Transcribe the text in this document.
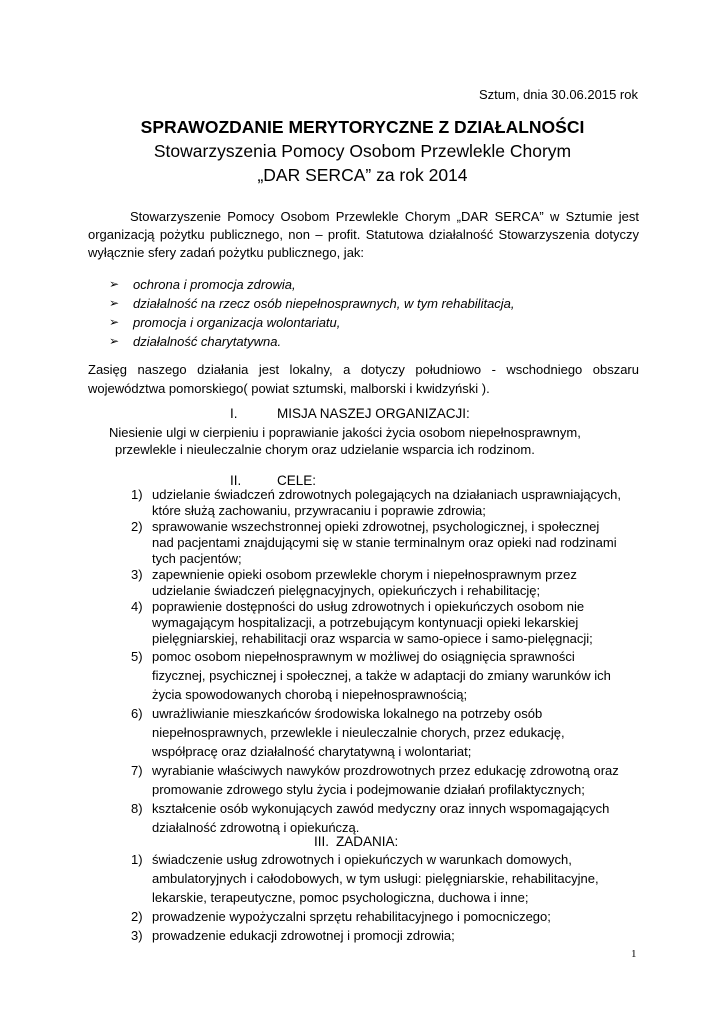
Sztum, dnia 30.06.2015 rok
SPRAWOZDANIE MERYTORYCZNE Z DZIAŁALNOŚCI
Stowarzyszenia Pomocy Osobom Przewlekle Chorym
„DAR SERCA” za rok 2014

Stowarzyszenie Pomocy Osobom Przewlekle Chorym „DAR SERCA” w Sztumie jest organizacją pożytku publicznego, non – profit. Statutowa działalność Stowarzyszenia dotyczy wyłącznie sfery zadań pożytku publicznego, jak:

➢ ochrona i promocja zdrowia,
➢ działalność na rzecz osób niepełnosprawnych, w tym rehabilitacja,
➢ promocja i organizacja wolontariatu,
➢ działalność charytatywna.
Zasięg naszego działania jest lokalny, a dotyczy południowo - wschodniego obszaru województwa pomorskiego( powiat sztumski, malborski i kwidzyński ).
I.	MISJA NASZEJ ORGANIZACJI:
Niesienie ulgi w cierpieniu i poprawianie jakości życia osobom niepełnosprawnym,
przewlekle i nieuleczalnie chorym oraz udzielanie wsparcia ich rodzinom.
II.	CELE:
1) udzielanie świadczeń zdrowotnych polegających na działaniach usprawniających,
które służą zachowaniu, przywracaniu i poprawie zdrowia;
2) sprawowanie wszechstronnej opieki zdrowotnej, psychologicznej, i społecznej
nad pacjentami znajdującymi się w stanie terminalnym oraz opieki nad rodzinami
tych pacjentów;
3) zapewnienie opieki osobom przewlekle chorym i niepełnosprawnym przez
udzielanie świadczeń pielęgnacyjnych, opiekuńczych i rehabilitację;
4) poprawienie dostępności do usług zdrowotnych i opiekuńczych osobom nie
wymagającym hospitalizacji, a potrzebującym kontynuacji opieki lekarskiej
pielęgniarskiej, rehabilitacji oraz wsparcia w samo-opiece i samo-pielęgnacji;
5) pomoc osobom niepełnosprawnym w możliwej do osiągnięcia sprawności
fizycznej, psychicznej i społecznej, a także w adaptacji do zmiany warunków ich
życia spowodowanych chorobą i niepełnosprawnością;
6) uwrażliwianie mieszkańców środowiska lokalnego na potrzeby osób
niepełnosprawnych, przewlekle i nieuleczalnie chorych, przez edukację,
współpracę oraz działalność charytatywną i wolontariat;
7) wyrabianie właściwych nawyków prozdrowotnych przez edukację zdrowotną oraz
promowanie zdrowego stylu życia i podejmowanie działań profilaktycznych;
8) kształcenie osób wykonujących zawód medyczny oraz innych wspomagających
działalność zdrowotną i opiekuńczą.
III. ZADANIA:
1) świadczenie usług zdrowotnych i opiekuńczych w warunkach domowych,
ambulatoryjnych i całodobowych, w tym usługi: pielęgniarskie, rehabilitacyjne,
lekarskie, terapeutyczne, pomoc psychologiczna, duchowa i inne;
2) prowadzenie wypożyczalni sprzętu rehabilitacyjnego i pomocniczego;
3) prowadzenie edukacji zdrowotnej i promocji zdrowia;
1
